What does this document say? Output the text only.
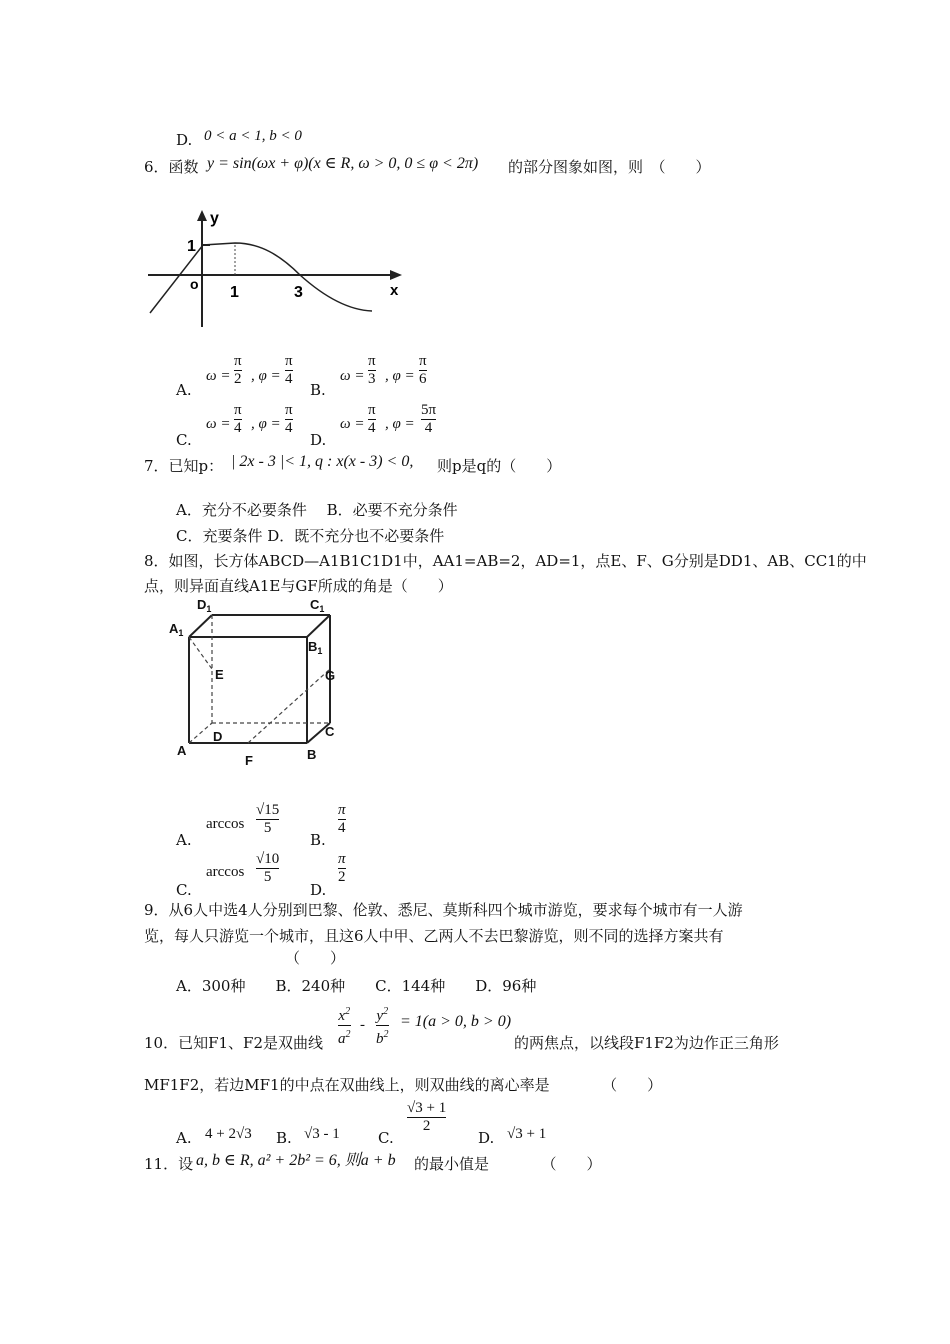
D. 0 < a < 1, b < 0
6．函数 y = sin(ωx + φ)(x ∈ R, ω > 0, 0 ≤ φ < 2π) 的部分图象如图，则　（　　）
y
1
o 1	3	x
A.
ω =
π
2 , φ =
π
4
B.
ω =
π
3 , φ =
π
6
C.
ω =
π
4 , φ =
π
4
D.
ω =
π
4 , φ =
5π
4
7．已知p： | 2x - 3 |< 1, q : x(x - 3) < 0, 则p是q的（　　）
A．充分不必要条件　 B．必要不充分条件
C．充要条件 D．既不充分也不必要条件
8．如图，长方体ABCD—A1B1C1D1中，AA1=AB=2，AD=1，点E、F、G分别是DD1、AB、CC1的中
点，则异面直线A1E与GF所成的角是（　　）
$D_1$	$C_1$
$A_1$
$B_1$
E	G
C
D
A	B
F
A.
arccos
√15
5
B.
π
4
C.
arccos
√10
5
D.
π
2
9．从6人中选4人分别到巴黎、伦敦、悉尼、莫斯科四个城市游览，要求每个城市有一人游
览，每人只游览一个城市，且这6人中甲、乙两人不去巴黎游览，则不同的选择方案共有
（　　）
A．300种　　B．240种　　C．144种　　D．96种
10．已知F1、F2是双曲线
$x^2$
$a^2$
-
$y^2$
$b^2$
= 1(a > 0, b > 0)
的两焦点，以线段F1F2为边作正三角形
MF1F2，若边MF1的中点在双曲线上，则双曲线的离心率是　　　　（　　）
A. 4 + 2√3 B. √3 - 1	C.
√3 + 1
2
D. √3 + 1
11．设 a, b ∈ R, a² + 2b² = 6, 则a + b 的最小值是　　　　（　　）
